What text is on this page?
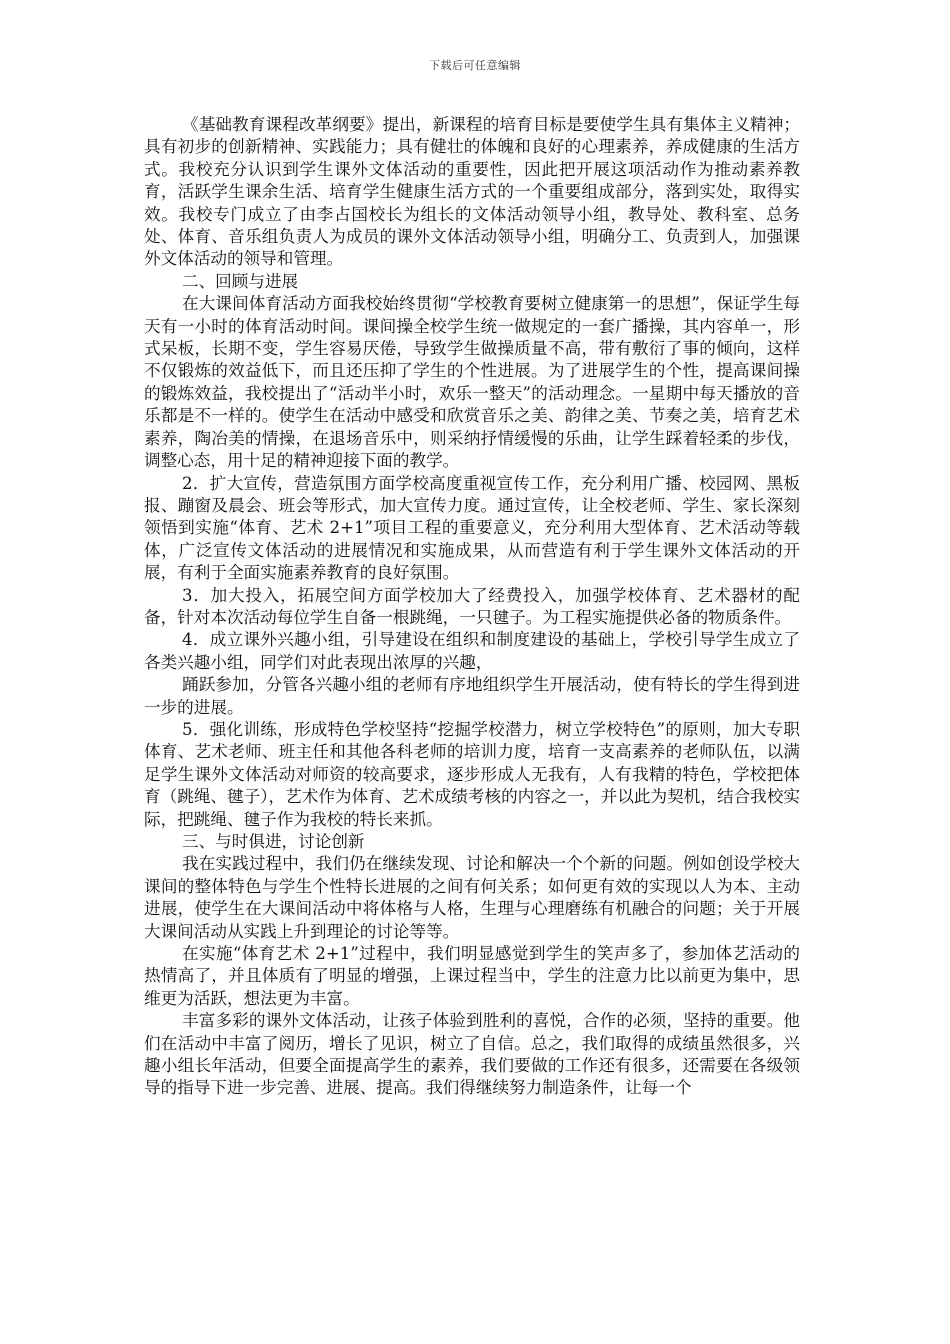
下载后可任意编辑

《基础教育课程改革纲要》提出，新课程的培育目标是要使学生具有集体主义精神；具有初步的创新精神、实践能力；具有健壮的体魄和良好的心理素养，养成健康的生活方式。我校充分认识到学生课外文体活动的重要性，因此把开展这项活动作为推动素养教育，活跃学生课余生活、培育学生健康生活方式的一个重要组成部分，落到实处，取得实效。我校专门成立了由李占国校长为组长的文体活动领导小组，教导处、教科室、总务处、体育、音乐组负责人为成员的课外文体活动领导小组，明确分工、负责到人，加强课外文体活动的领导和管理。

二、回顾与进展

在大课间体育活动方面我校始终贯彻“学校教育要树立健康第一的思想”，保证学生每天有一小时的体育活动时间。课间操全校学生统一做规定的一套广播操，其内容单一，形式呆板，长期不变，学生容易厌倦，导致学生做操质量不高，带有敷衍了事的倾向，这样不仅锻炼的效益低下，而且还压抑了学生的个性进展。为了进展学生的个性，提高课间操的锻炼效益，我校提出了“活动半小时，欢乐一整天”的活动理念。一星期中每天播放的音乐都是不一样的。使学生在活动中感受和欣赏音乐之美、韵律之美、节奏之美，培育艺术素养，陶冶美的情操，在退场音乐中，则采纳抒情缓慢的乐曲，让学生踩着轻柔的步伐，调整心态，用十足的精神迎接下面的教学。

2．扩大宣传，营造氛围方面学校高度重视宣传工作，充分利用广播、校园网、黑板报、蹦窗及晨会、班会等形式，加大宣传力度。通过宣传，让全校老师、学生、家长深刻领悟到实施“体育、艺术 2+1”项目工程的重要意义，充分利用大型体育、艺术活动等载体，广泛宣传文体活动的进展情况和实施成果，从而营造有利于学生课外文体活动的开展，有利于全面实施素养教育的良好氛围。

3．加大投入，拓展空间方面学校加大了经费投入，加强学校体育、艺术器材的配备，针对本次活动每位学生自备一根跳绳，一只毽子。为工程实施提供必备的物质条件。

4．成立课外兴趣小组，引导建设在组织和制度建设的基础上，学校引导学生成立了各类兴趣小组，同学们对此表现出浓厚的兴趣，

踊跃参加，分管各兴趣小组的老师有序地组织学生开展活动，使有特长的学生得到进一步的进展。

5．强化训练，形成特色学校坚持“挖掘学校潜力，树立学校特色”的原则，加大专职体育、艺术老师、班主任和其他各科老师的培训力度，培育一支高素养的老师队伍，以满足学生课外文体活动对师资的较高要求，逐步形成人无我有，人有我精的特色，学校把体育（跳绳、毽子），艺术作为体育、艺术成绩考核的内容之一，并以此为契机，结合我校实际，把跳绳、毽子作为我校的特长来抓。

三、与时俱进，讨论创新

我在实践过程中，我们仍在继续发现、讨论和解决一个个新的问题。例如创设学校大课间的整体特色与学生个性特长进展的之间有何关系；如何更有效的实现以人为本、主动进展，使学生在大课间活动中将体格与人格，生理与心理磨练有机融合的问题；关于开展大课间活动从实践上升到理论的讨论等等。

在实施“体育艺术 2+1”过程中，我们明显感觉到学生的笑声多了，参加体艺活动的热情高了，并且体质有了明显的增强，上课过程当中，学生的注意力比以前更为集中，思维更为活跃，想法更为丰富。

丰富多彩的课外文体活动，让孩子体验到胜利的喜悦，合作的必须，坚持的重要。他们在活动中丰富了阅历，增长了见识，树立了自信。总之，我们取得的成绩虽然很多，兴趣小组长年活动，但要全面提高学生的素养，我们要做的工作还有很多，还需要在各级领导的指导下进一步完善、进展、提高。我们得继续努力制造条件，让每一个
